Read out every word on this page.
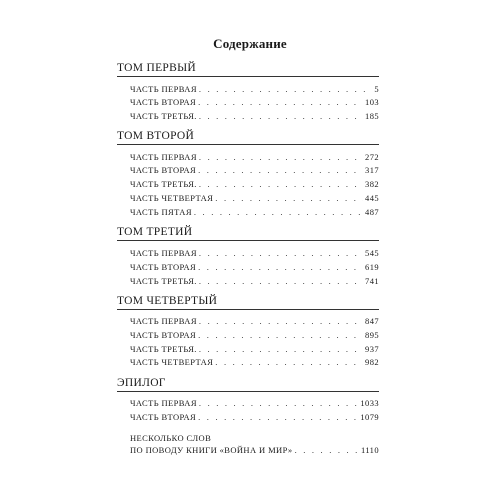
Содержание
ТОМ ПЕРВЫЙ
ЧАСТЬ ПЕРВАЯ . . .	5
ЧАСТЬ ВТОРАЯ . . .	103
ЧАСТЬ ТРЕТЬЯ. . . .	185
ТОМ ВТОРОЙ
ЧАСТЬ ПЕРВАЯ . . .	272
ЧАСТЬ ВТОРАЯ . . .	317
ЧАСТЬ ТРЕТЬЯ. . . .	382
ЧАСТЬ ЧЕТВЕРТАЯ . . .	445
ЧАСТЬ ПЯТАЯ . . .	487
ТОМ ТРЕТИЙ
ЧАСТЬ ПЕРВАЯ . . .	545
ЧАСТЬ ВТОРАЯ . . .	619
ЧАСТЬ ТРЕТЬЯ. . . .	741
ТОМ ЧЕТВЕРТЫЙ
ЧАСТЬ ПЕРВАЯ . . .	847
ЧАСТЬ ВТОРАЯ . . .	895
ЧАСТЬ ТРЕТЬЯ. . . .	937
ЧАСТЬ ЧЕТВЕРТАЯ . . .	982
ЭПИЛОГ
ЧАСТЬ ПЕРВАЯ . . .	1033
ЧАСТЬ ВТОРАЯ . . .	1079
НЕСКОЛЬКО СЛОВ
ПО ПОВОДУ КНИГИ «ВОЙНА И МИР» . . .	1110
